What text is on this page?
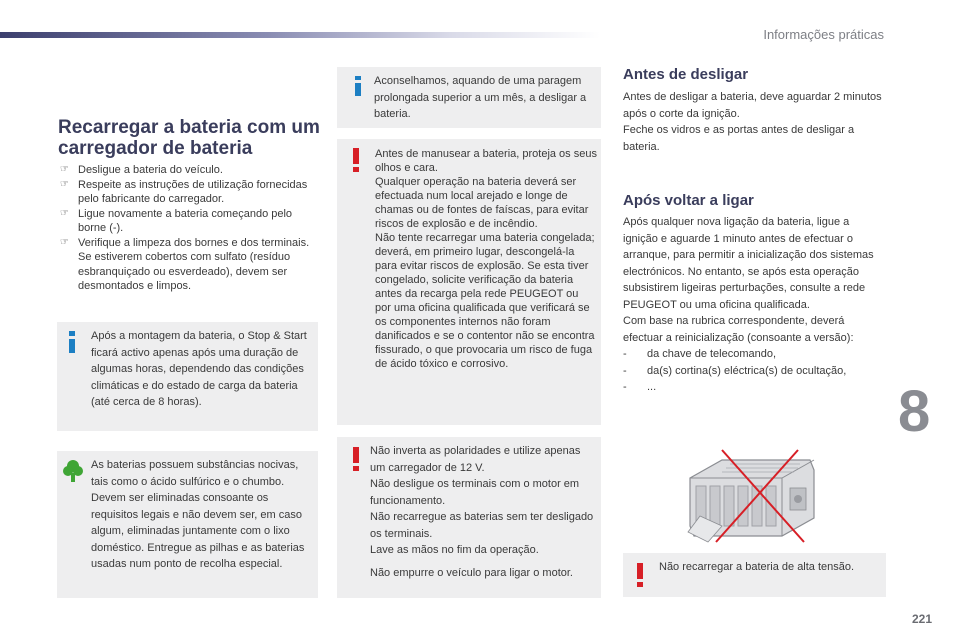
Informações práticas
Recarregar a bateria com um carregador de bateria
☞ Desligue a bateria do veículo.
☞ Respeite as instruções de utilização fornecidas pelo fabricante do carregador.
☞ Ligue novamente a bateria começando pelo borne (-).
☞ Verifique a limpeza dos bornes e dos terminais. Se estiverem cobertos com sulfato (resíduo esbranquiçado ou esverdeado), devem ser desmontados e limpos.
Após a montagem da bateria, o Stop & Start ficará activo apenas após uma duração de algumas horas, dependendo das condições climáticas e do estado de carga da bateria (até cerca de 8 horas).
As baterias possuem substâncias nocivas, tais como o ácido sulfúrico e o chumbo. Devem ser eliminadas consoante os requisitos legais e não devem ser, em caso algum, eliminadas juntamente com o lixo doméstico. Entregue as pilhas e as baterias usadas num ponto de recolha especial.
Aconselhamos, aquando de uma paragem prolongada superior a um mês, a desligar a bateria.

Antes de manusear a bateria, proteja os seus olhos e cara.

Qualquer operação na bateria deverá ser efectuada num local arejado e longe de chamas ou de fontes de faíscas, para evitar riscos de explosão e de incêndio.

Não tente recarregar uma bateria congelada; deverá, em primeiro lugar, descongelá-la para evitar riscos de explosão. Se esta tiver congelado, solicite verificação da bateria antes da recarga pela rede PEUGEOT ou por uma oficina qualificada que verificará se os componentes internos não foram danificados e se o contentor não se encontra fissurado, o que provocaria um risco de fuga de ácido tóxico e corrosivo.

Não inverta as polaridades e utilize apenas um carregador de 12 V.

Não desligue os terminais com o motor em funcionamento.

Não recarregue as baterias sem ter desligado os terminais.

Lave as mãos no fim da operação.

Não empurre o veículo para ligar o motor.

Antes de desligar

Antes de desligar a bateria, deve aguardar 2 minutos após o corte da ignição.

Feche os vidros e as portas antes de desligar a bateria.

Após voltar a ligar

Após qualquer nova ligação da bateria, ligue a ignição e aguarde 1 minuto antes de efectuar o arranque, para permitir a inicialização dos sistemas electrónicos. No entanto, se após esta operação subsistirem ligeiras perturbações, consulte a rede PEUGEOT ou uma oficina qualificada.

Com base na rubrica correspondente, deverá efectuar a reinicialização (consoante a versão):

- da chave de telecomando,
- da(s) cortina(s) eléctrica(s) de ocultação,
- ...
Não recarregar a bateria de alta tensão.
8
221
